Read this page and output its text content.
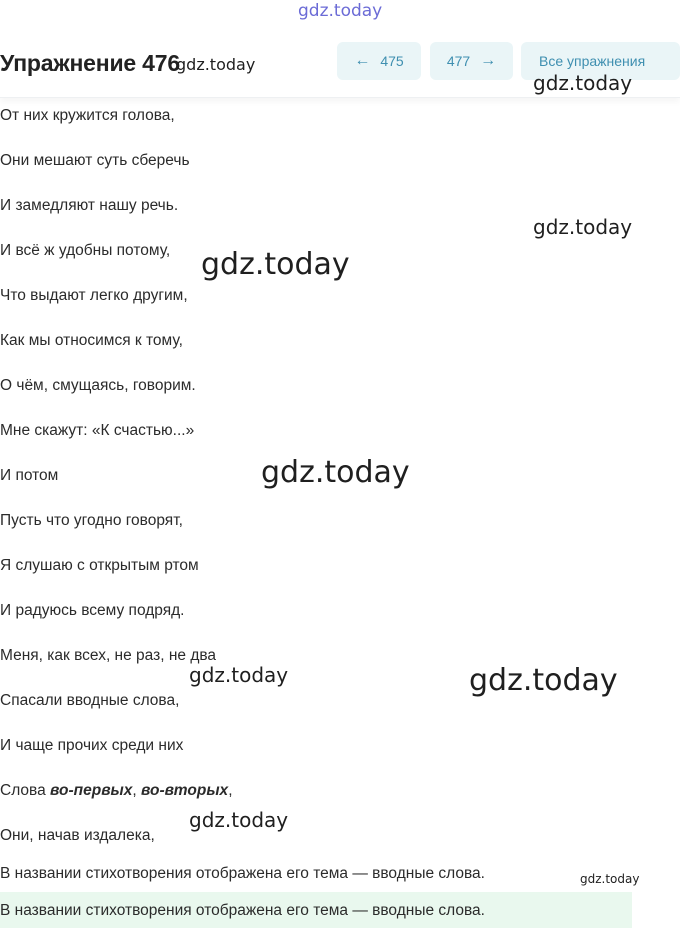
Упражнение 476	← 475	477 →	Все упражнения
От них кружится голова,
Они мешают суть сберечь
И замедляют нашу речь.
И всё ж удобны потому,
Что выдают легко другим,
Как мы относимся к тому,
О чём, смущаясь, говорим.
Мне скажут: «К счастью...»
И потом
Пусть что угодно говорят,
Я слушаю с открытым ртом
И радуюсь всему подряд.
Меня, как всех, не раз, не два
Спасали вводные слова,
И чаще прочих среди них
Слова во-первых, во-вторых,
Они, начав издалека,
В названии стихотворения отображена его тема — вводные слова.
В названии стихотворения отображена его тема — вводные слова.
gdz.today
gdz.today
gdz.today
gdz.today
gdz.today
gdz.today
gdz.today	gdz.today
gdz.today
gdz.today
